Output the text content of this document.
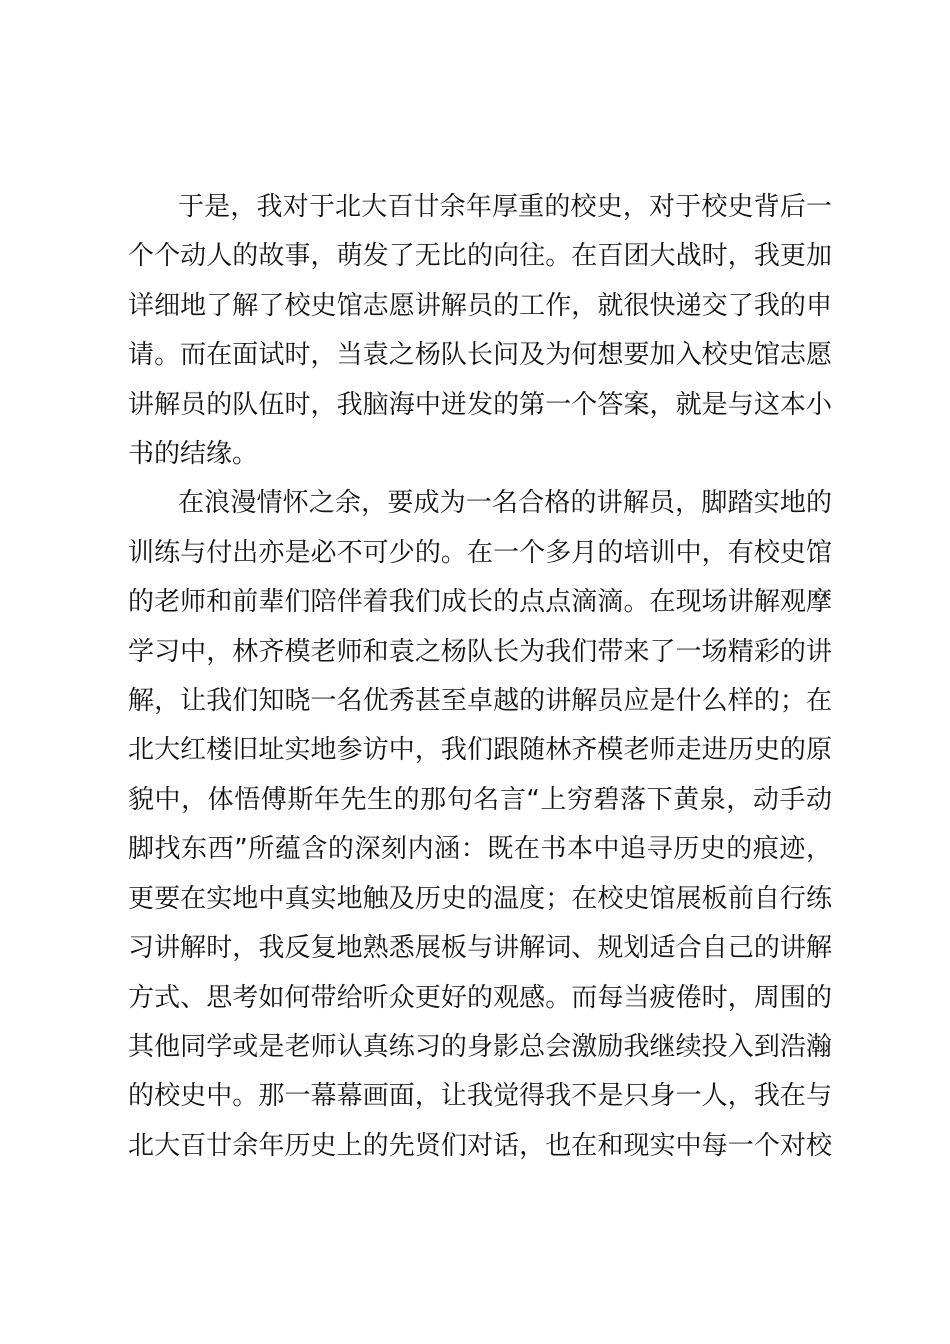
于是，我对于北大百廿余年厚重的校史，对于校史背后一
个个动人的故事，萌发了无比的向往。在百团大战时，我更加
详细地了解了校史馆志愿讲解员的工作，就很快递交了我的申
请。而在面试时，当袁之杨队长问及为何想要加入校史馆志愿
讲解员的队伍时，我脑海中迸发的第一个答案，就是与这本小
书的结缘。
在浪漫情怀之余，要成为一名合格的讲解员，脚踏实地的
训练与付出亦是必不可少的。在一个多月的培训中，有校史馆
的老师和前辈们陪伴着我们成长的点点滴滴。在现场讲解观摩
学习中，林齐模老师和袁之杨队长为我们带来了一场精彩的讲
解，让我们知晓一名优秀甚至卓越的讲解员应是什么样的；在
北大红楼旧址实地参访中，我们跟随林齐模老师走进历史的原
貌中，体悟傅斯年先生的那句名言“上穷碧落下黄泉，动手动
脚找东西”所蕴含的深刻内涵：既在书本中追寻历史的痕迹，
更要在实地中真实地触及历史的温度；在校史馆展板前自行练
习讲解时，我反复地熟悉展板与讲解词、规划适合自己的讲解
方式、思考如何带给听众更好的观感。而每当疲倦时，周围的
其他同学或是老师认真练习的身影总会激励我继续投入到浩瀚
的校史中。那一幕幕画面，让我觉得我不是只身一人，我在与
北大百廿余年历史上的先贤们对话，也在和现实中每一个对校
